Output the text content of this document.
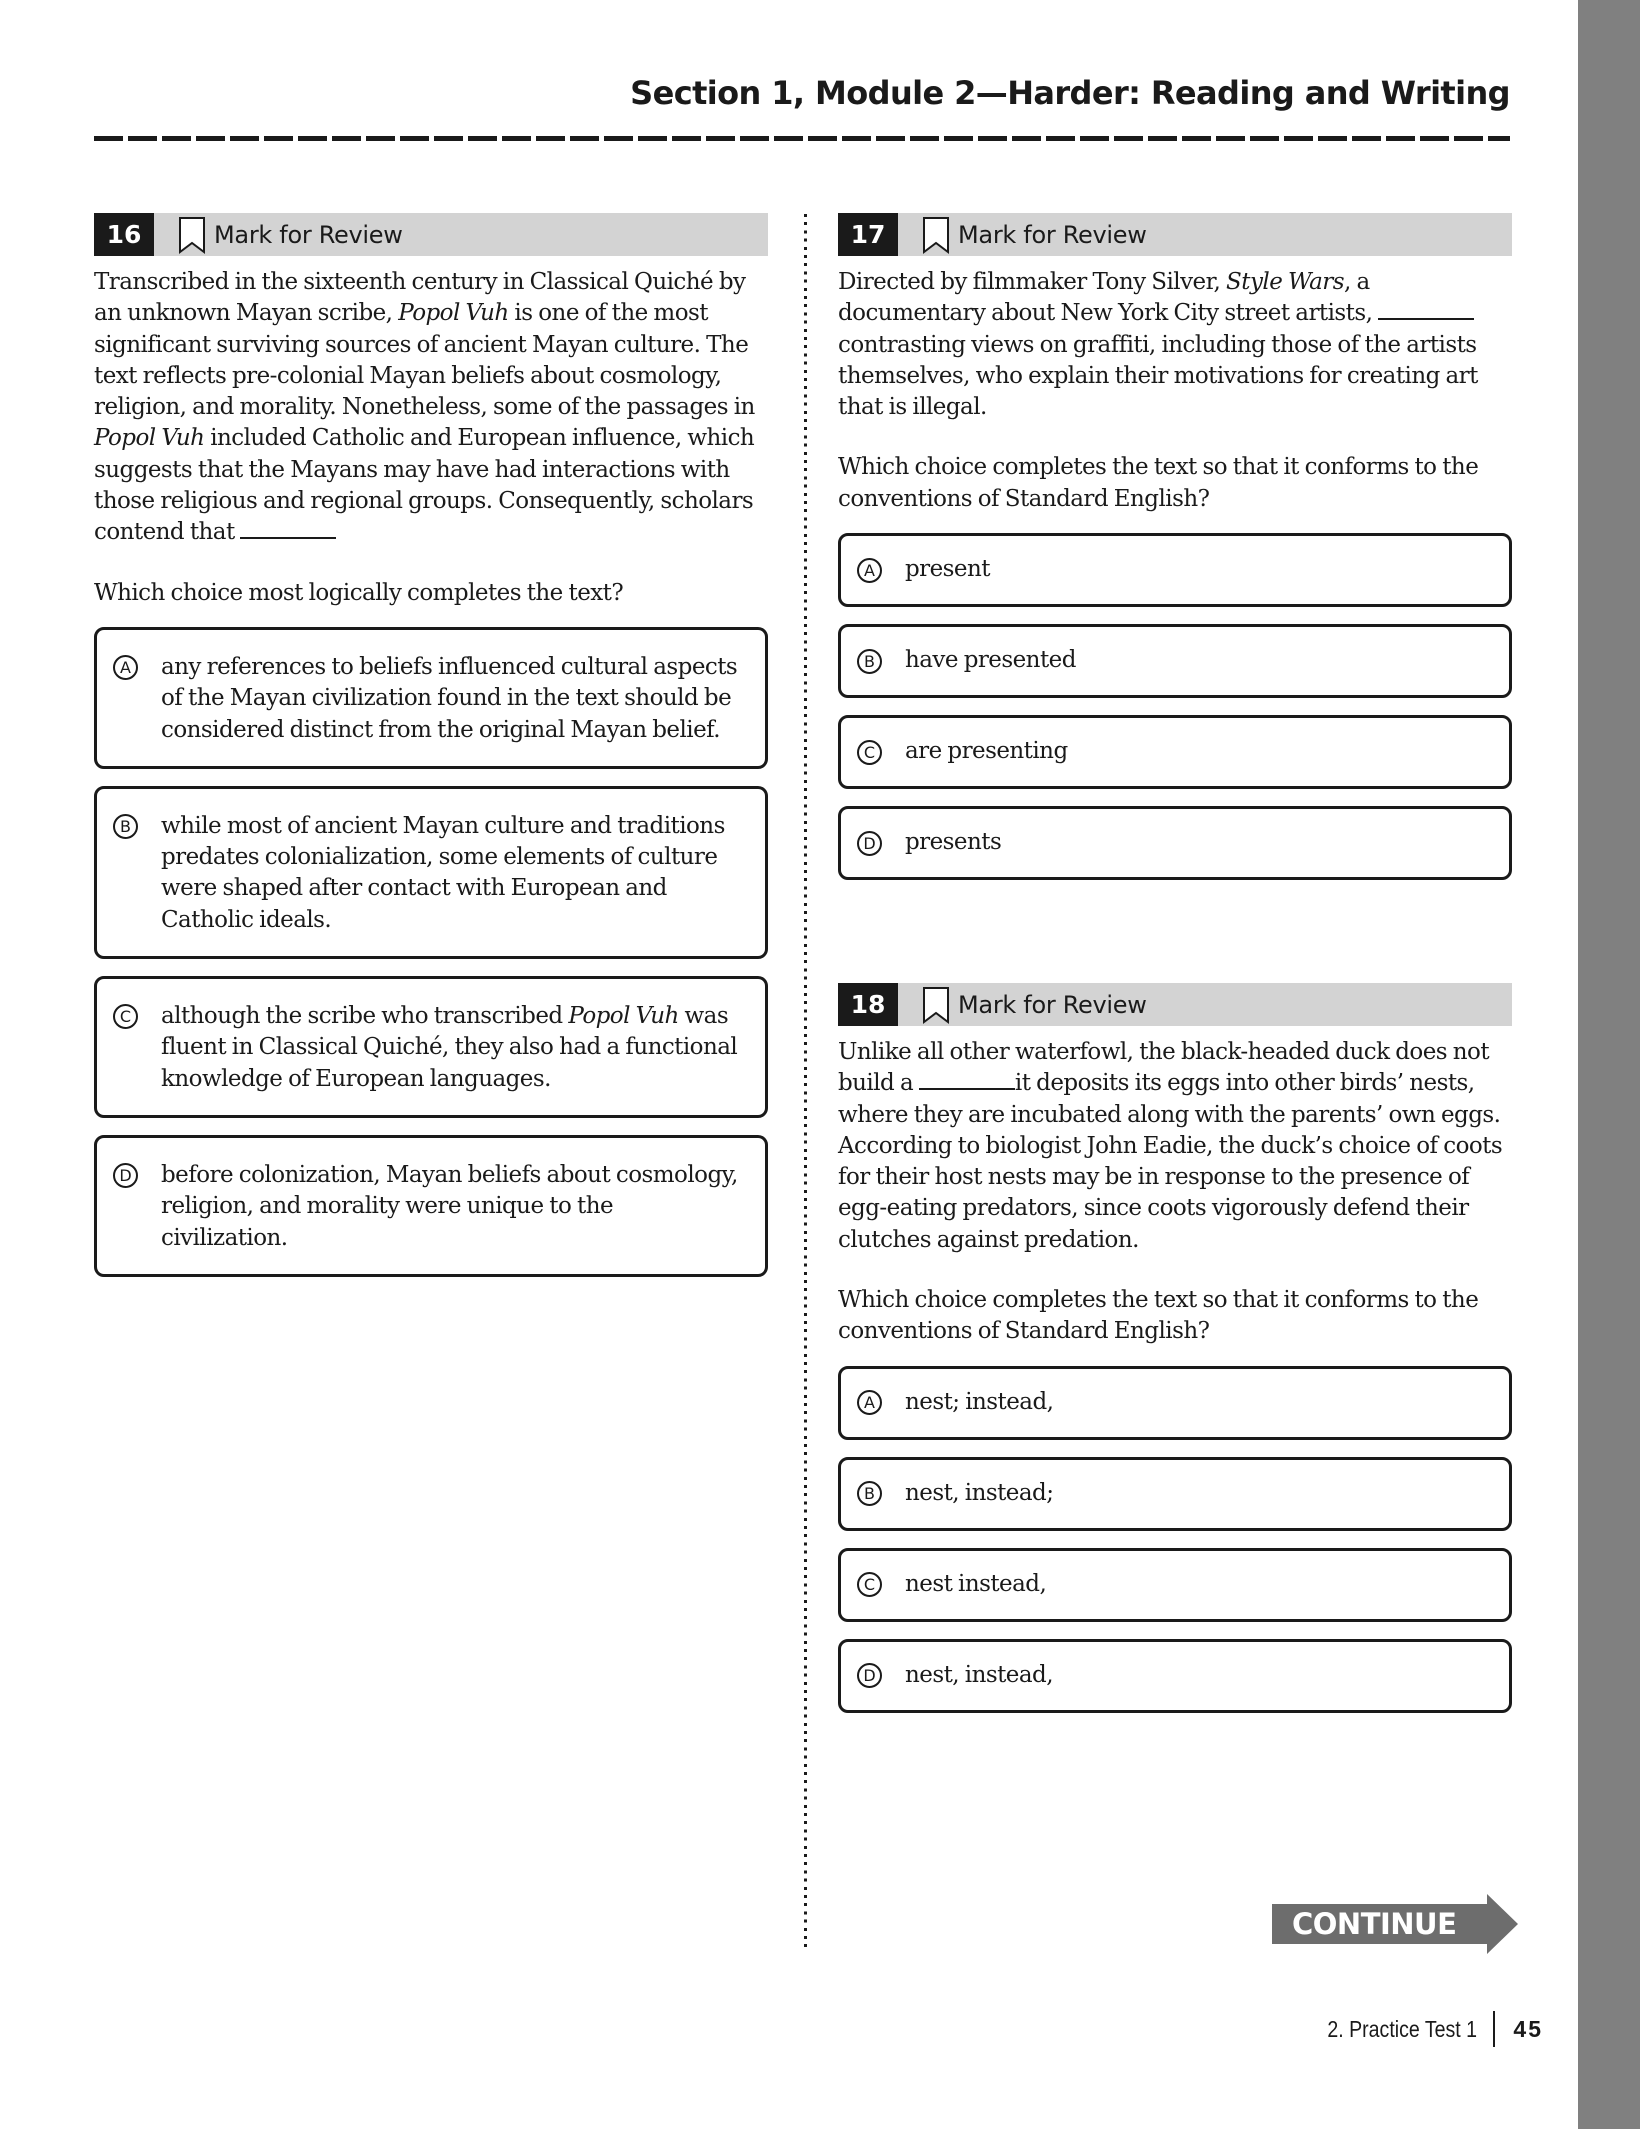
Section 1, Module 2—Harder: Reading and Writing
16	Mark for Review
Transcribed in the sixteenth century in Classical Quiché by an unknown Mayan scribe, Popol Vuh is one of the most significant surviving sources of ancient Mayan culture. The text reflects pre-colonial Mayan beliefs about cosmology, religion, and morality. Nonetheless, some of the passages in Popol Vuh included Catholic and European influence, which suggests that the Mayans may have had interactions with those religious and regional groups. Consequently, scholars contend that
Which choice most logically completes the text?
A	any references to beliefs influenced cultural aspects of the Mayan civilization found in the text should be considered distinct from the original Mayan belief.
B	while most of ancient Mayan culture and traditions predates colonialization, some elements of culture were shaped after contact with European and Catholic ideals.
C	although the scribe who transcribed Popol Vuh was fluent in Classical Quiché, they also had a functional knowledge of European languages.
D before colonization, Mayan beliefs about cosmology, religion, and morality were unique to the civilization.
17	Mark for Review
Directed by filmmaker Tony Silver, Style Wars, a documentary about New York City street artists, contrasting views on graffiti, including those of the artists themselves, who explain their motivations for creating art that is illegal.
Which choice completes the text so that it conforms to the conventions of Standard English?
A	present
B	have presented
C	are presenting
D presents
18	Mark for Review
Unlike all other waterfowl, the black-headed duck does not build a	it deposits its eggs into other birds’ nests, where they are incubated along with the parents’ own eggs. According to biologist John Eadie, the duck’s choice of coots for their host nests may be in response to the presence of egg-eating predators, since coots vigorously defend their clutches against predation.
Which choice completes the text so that it conforms to the conventions of Standard English?
A	nest; instead,
B	nest, instead;
C	nest instead,
D nest, instead,
CONTINUE
2. Practice Test 1 45
